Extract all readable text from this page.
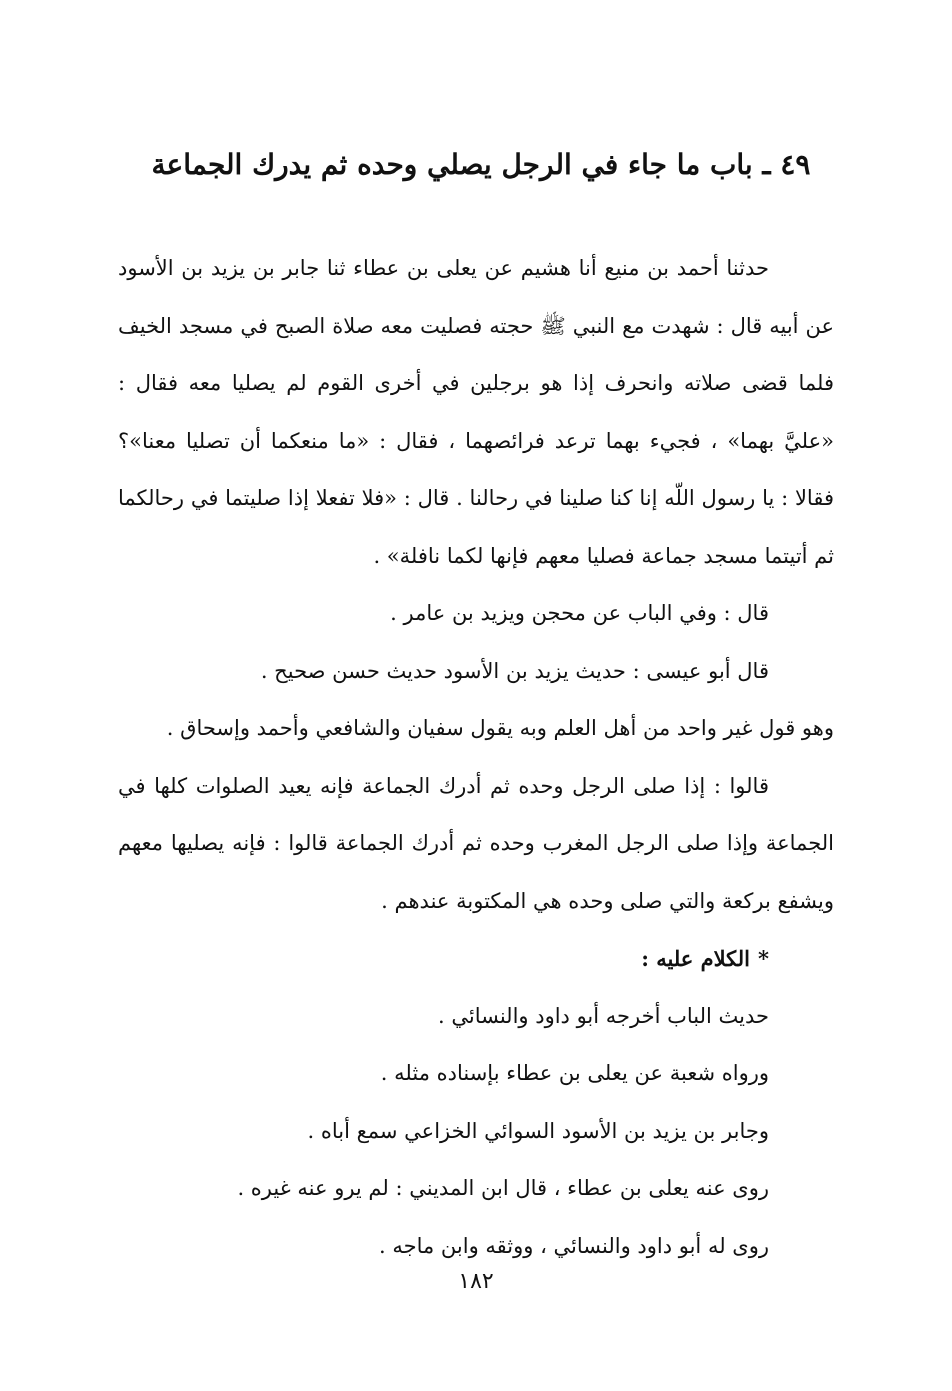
٤٩ ـ باب ما جاء في الرجل يصلي وحده ثم يدرك الجماعة

حدثنا أحمد بن منيع أنا هشيم عن يعلى بن عطاء ثنا جابر بن يزيد بن الأسود عن أبيه قال : شهدت مع النبي ﷺ حجته فصليت معه صلاة الصبح في مسجد الخيف فلما قضى صلاته وانحرف إذا هو برجلين في أخرى القوم لم يصليا معه فقال : «عليَّ بهما» ، فجيء بهما ترعد فرائصهما ، فقال : «ما منعكما أن تصليا معنا»؟ فقالا : يا رسول اللّه إنا كنا صلينا في رحالنا . قال : «فلا تفعلا إذا صليتما في رحالكما ثم أتيتما مسجد جماعة فصليا معهم فإنها لكما نافلة» .

قال : وفي الباب عن محجن ويزيد بن عامر .

قال أبو عيسى : حديث يزيد بن الأسود حديث حسن صحيح .

وهو قول غير واحد من أهل العلم وبه يقول سفيان والشافعي وأحمد وإسحاق .

قالوا : إذا صلى الرجل وحده ثم أدرك الجماعة فإنه يعيد الصلوات كلها في الجماعة وإذا صلى الرجل المغرب وحده ثم أدرك الجماعة قالوا : فإنه يصليها معهم ويشفع بركعة والتي صلى وحده هي المكتوبة عندهم .

*الكلام عليه :

حديث الباب أخرجه أبو داود والنسائي .

ورواه شعبة عن يعلى بن عطاء بإسناده مثله .

وجابر بن يزيد بن الأسود السوائي الخزاعي سمع أباه .

روى عنه يعلى بن عطاء ، قال ابن المديني : لم يرو عنه غيره .

روى له أبو داود والنسائي ، ووثقه وابن ماجه .

١٨٢
